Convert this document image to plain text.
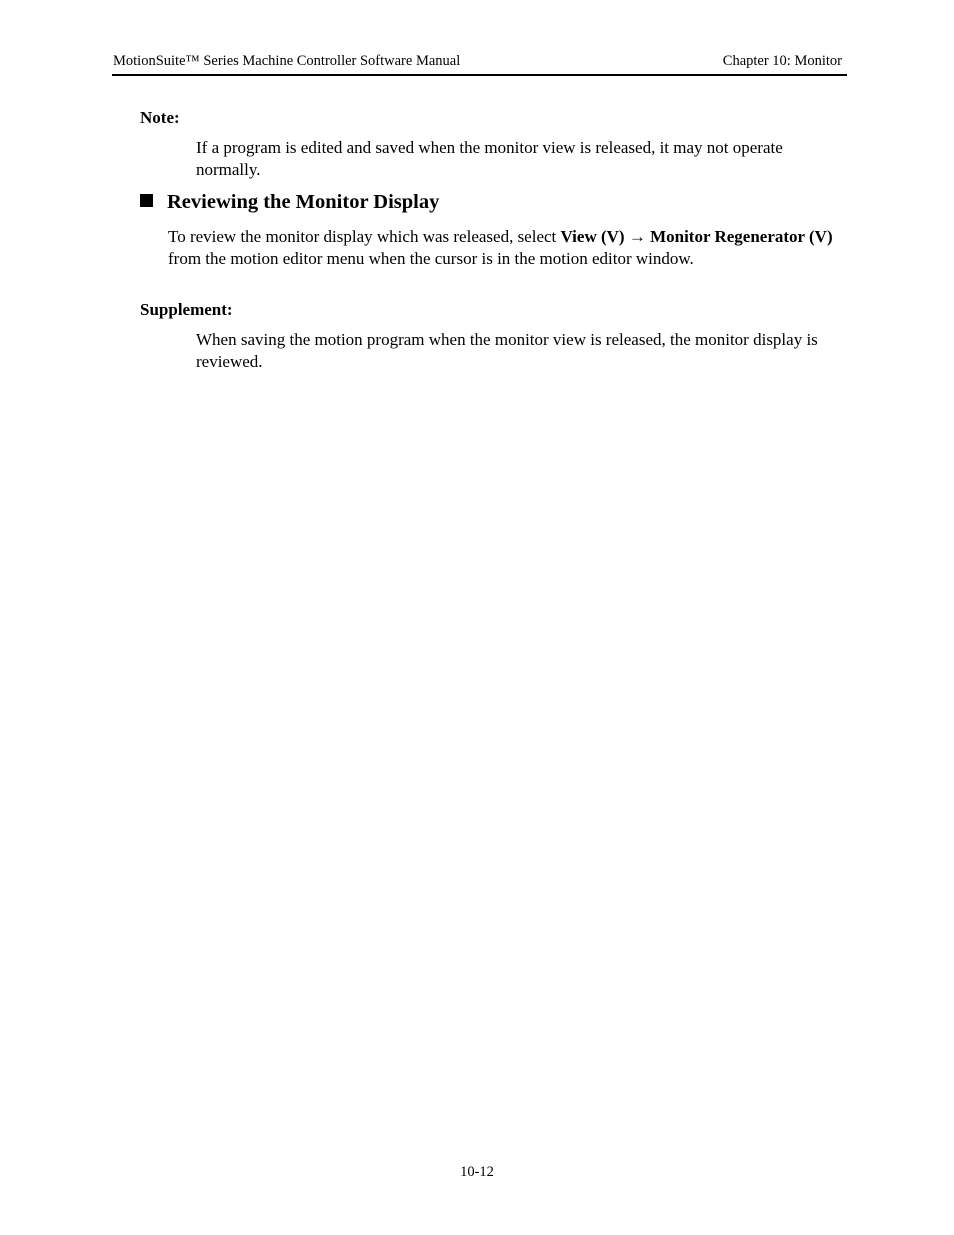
MotionSuite™ Series Machine Controller Software Manual	Chapter 10: Monitor
Note:
If a program is edited and saved when the monitor view is released, it may not operate normally.
Reviewing the Monitor Display
To review the monitor display which was released, select View (V) → Monitor Regenerator (V) from the motion editor menu when the cursor is in the motion editor window.
Supplement:
When saving the motion program when the monitor view is released, the monitor display is reviewed.
10-12
